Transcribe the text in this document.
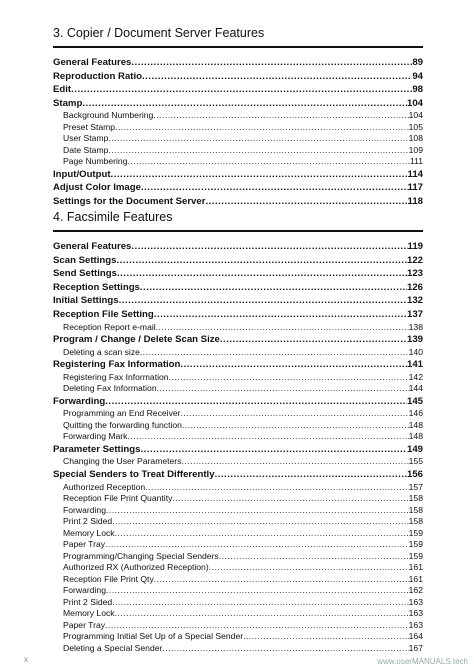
3. Copier / Document Server Features
General Features .....	89
Reproduction Ratio .....	94
Edit .....	98
Stamp .....	104
Background Numbering .....	104
Preset Stamp .....	105
User Stamp .....	108
Date Stamp .....	109
Page Numbering .....	111
Input/Output .....	114
Adjust Color Image .....	117
Settings for the Document Server .....	118
4. Facsimile Features
General Features .....	119
Scan Settings .....	122
Send Settings .....	123
Reception Settings .....	126
Initial Settings .....	132
Reception File Setting .....	137
Reception Report e-mail .....	138
Program / Change / Delete Scan Size .....	139
Deleting a scan size .....	140
Registering Fax Information .....	141
Registering Fax Information .....	142
Deleting Fax Information .....	144
Forwarding .....	145
Programming an End Receiver .....	146
Quitting the forwarding function .....	148
Forwarding Mark .....	148
Parameter Settings .....	149
Changing the User Parameters .....	155
Special Senders to Treat Differently .....	156
Authorized Reception .....	157
Reception File Print Quantity .....	158
Forwarding .....	158
Print 2 Sided .....	158
Memory Lock .....	159
Paper Tray .....	159
Programming/Changing Special Senders .....	159
Authorized RX (Authorized Reception) .....	161
Reception File Print Qty .....	161
Forwarding .....	162
Print 2 Sided .....	163
Memory Lock .....	163
Paper Tray .....	163
Programming Initial Set Up of a Special Sender .....	164
Deleting a Special Sender .....	167
x	www.userMANUALS.tech
